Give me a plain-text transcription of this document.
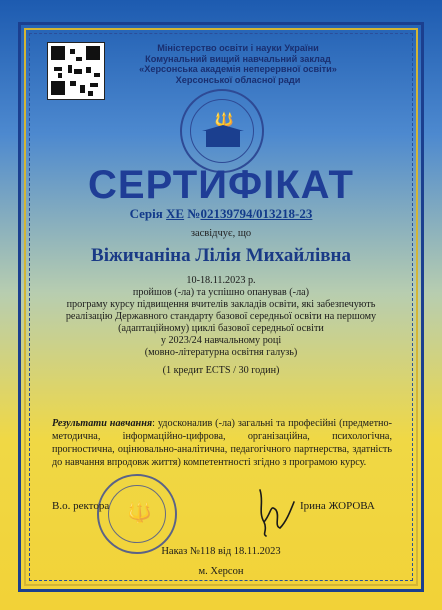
Міністерство освіти і науки України
Комунальний вищий навчальний заклад
«Херсонська академія неперервної освіти»
Херсонської обласної ради
🔱
СЕРТИФІКАТ
Серія ХЕ №02139794/013218-23
засвідчує, що
Віжичаніна Лілія Михайлівна
10-18.11.2023 р.
пройшов (-ла) та успішно опанував (-ла)
програму курсу підвищення вчителів закладів освіти, які забезпечують
реалізацію Державного стандарту базової середньої освіти на першому
(адаптаційному) циклі базової середньої освіти
у 2023/24 навчальному році
(мовно-літературна освітня галузь)
(1 кредит ECTS / 30 годин)
Результати навчання: удосконалив (-ла) загальні та професійні (предметно-методична, інформаційно-цифрова, організаційна, психологічна, прогностична, оцінювально-аналітична, педагогічного партнерства, здатність до навчання впродовж життя) компетентності згідно з програмою курсу.
🔱
В.о. ректора	Ірина ЖОРОВА
Наказ №118 від 18.11.2023
м. Херсон
